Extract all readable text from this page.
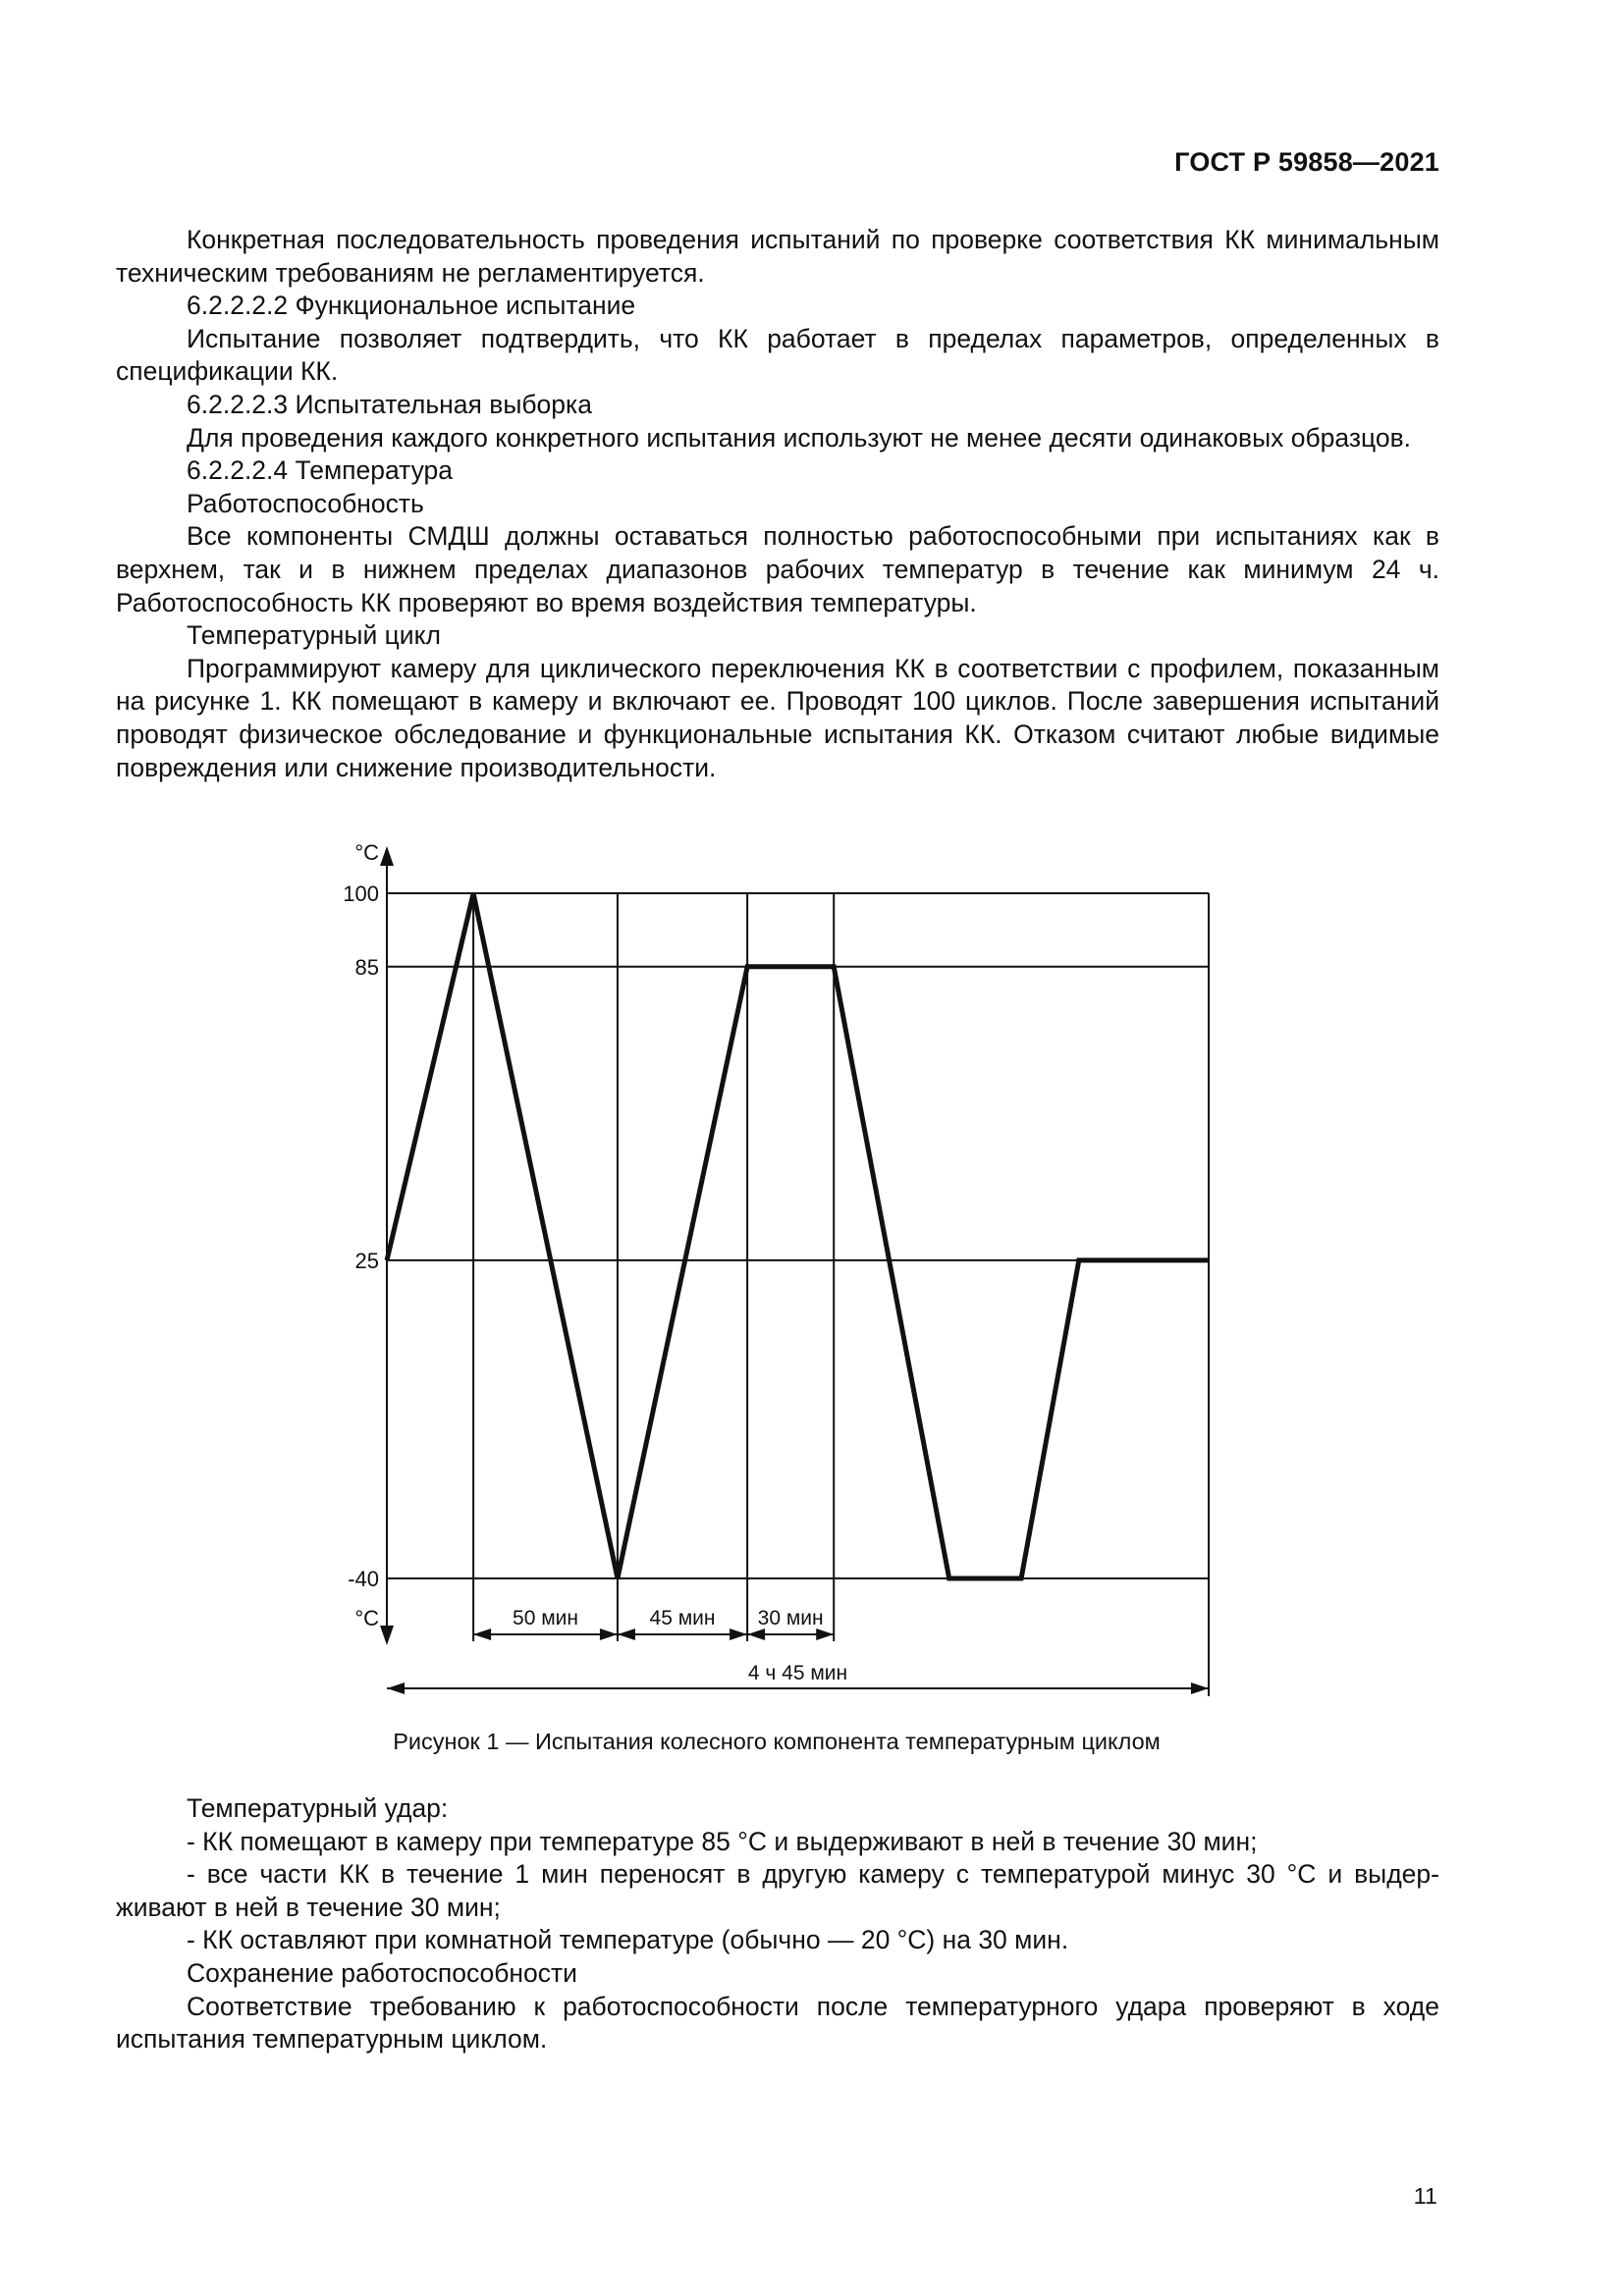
ГОСТ Р 59858—2021

Конкретная последовательность проведения испытаний по проверке соответствия КК минимальным техническим требованиям не регламентируется.

6.2.2.2.2 Функциональное испытание

Испытание позволяет подтвердить, что КК работает в пределах параметров, определенных в спецификации КК.

6.2.2.2.3 Испытательная выборка

Для проведения каждого конкретного испытания используют не менее десяти одинаковых образцов.

6.2.2.2.4 Температура

Работоспособность

Все компоненты СМДШ должны оставаться полностью работоспособными при испытаниях как в верхнем, так и в нижнем пределах диапазонов рабочих температур в течение как минимум 24 ч. Работоспособность КК проверяют во время воздействия температуры.

Температурный цикл

Программируют камеру для циклического переключения КК в соответствии с профилем, показанным на рисунке 1. КК помещают в камеру и включают ее. Проводят 100 циклов. После завершения испытаний проводят физическое обследование и функциональные испытания КК. Отказом считают любые видимые повреждения или снижение производительности.

100
85
25
-40
°C
°C	50 мин	45 мин 30 мин
4 ч 45 мин
Рисунок 1 — Испытания колесного компонента температурным циклом

Температурный удар:

- КК помещают в камеру при температуре 85 °С и выдерживают в ней в течение 30 мин;

- все части КК в течение 1 мин переносят в другую камеру с температурой минус 30 °С и выдерживают в ней в течение 30 мин;

- КК оставляют при комнатной температуре (обычно — 20 °С) на 30 мин.

Сохранение работоспособности

Соответствие требованию к работоспособности после температурного удара проверяют в ходе испытания температурным циклом.

11
